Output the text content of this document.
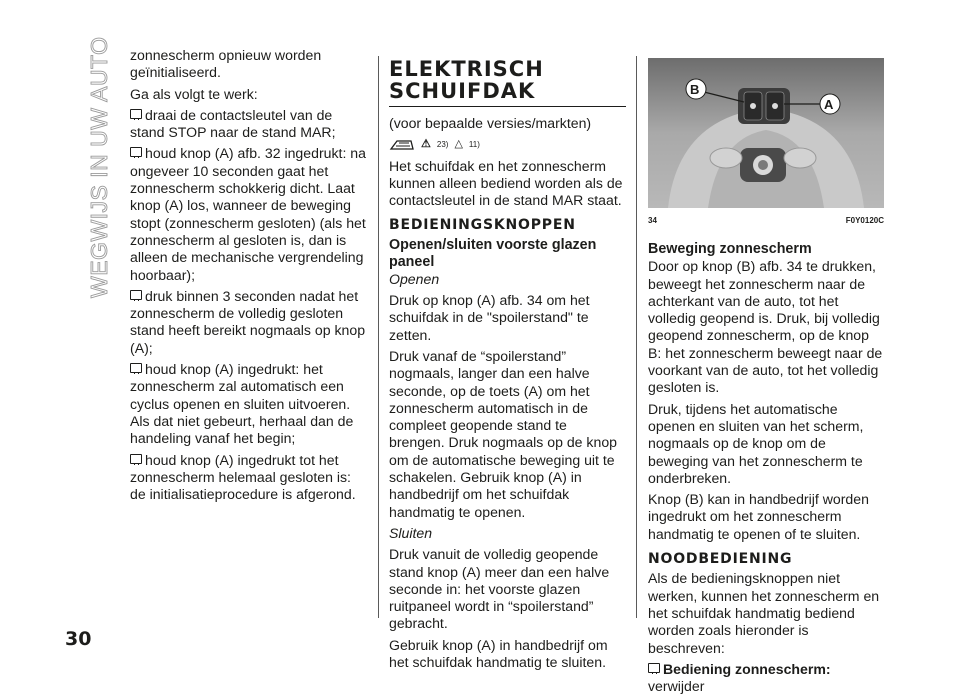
WEGWIJS IN UW AUTO
30

zonnescherm opnieuw worden geïnitialiseerd.

Ga als volgt te werk:

draai de contactsleutel van de stand STOP naar de stand MAR;

houd knop (A) afb. 32 ingedrukt: na ongeveer 10 seconden gaat het zonnescherm schokkerig dicht. Laat knop (A) los, wanneer de beweging stopt (zonnescherm gesloten) (als het zonnescherm al gesloten is, dan is alleen de mechanische vergrendeling hoorbaar);

druk binnen 3 seconden nadat het zonnescherm de volledig gesloten stand heeft bereikt nogmaals op knop (A);

houd knop (A) ingedrukt: het zonnescherm zal automatisch een cyclus openen en sluiten uitvoeren. Als dat niet gebeurt, herhaal dan de handeling vanaf het begin;

houd knop (A) ingedrukt tot het zonnescherm helemaal gesloten is: de initialisatieprocedure is afgerond.

ELEKTRISCH SCHUIFDAK

(voor bepaalde versies/markten)

⚠ 23) △ 11)

Het schuifdak en het zonnescherm kunnen alleen bediend worden als de contactsleutel in de stand MAR staat.

BEDIENINGSKNOPPEN
Openen/sluiten voorste glazen paneel

Openen

Druk op knop (A) afb. 34 om het schuifdak in de "spoilerstand" te zetten.

Druk vanaf de “spoilerstand” nogmaals, langer dan een halve seconde, op de toets (A) om het zonnescherm automatisch in de compleet geopende stand te brengen. Druk nogmaals op de knop om de automatische beweging uit te schakelen. Gebruik knop (A) in handbedrijf om het schuifdak handmatig te openen.

Sluiten

Druk vanuit de volledig geopende stand knop (A) meer dan een halve seconde in: het voorste glazen ruitpaneel wordt in “spoilerstand” gebracht.

Gebruik knop (A) in handbedrijf om het schuifdak handmatig te sluiten.

B
A
34	F0Y0120C
Beweging zonnescherm

Door op knop (B) afb. 34 te drukken, beweegt het zonnescherm naar de achterkant van de auto, tot het volledig geopend is. Druk, bij volledig geopend zonnescherm, op de knop B: het zonnescherm beweegt naar de voorkant van de auto, tot het volledig gesloten is.

Druk, tijdens het automatische openen en sluiten van het scherm, nogmaals op de knop om de beweging van het zonnescherm te onderbreken.

Knop (B) kan in handbedrijf worden ingedrukt om het zonnescherm handmatig te openen of te sluiten.

NOODBEDIENING

Als de bedieningsknoppen niet werken, kunnen het zonnescherm en het schuifdak handmatig bediend worden zoals hieronder is beschreven:

Bediening zonnescherm: verwijder
